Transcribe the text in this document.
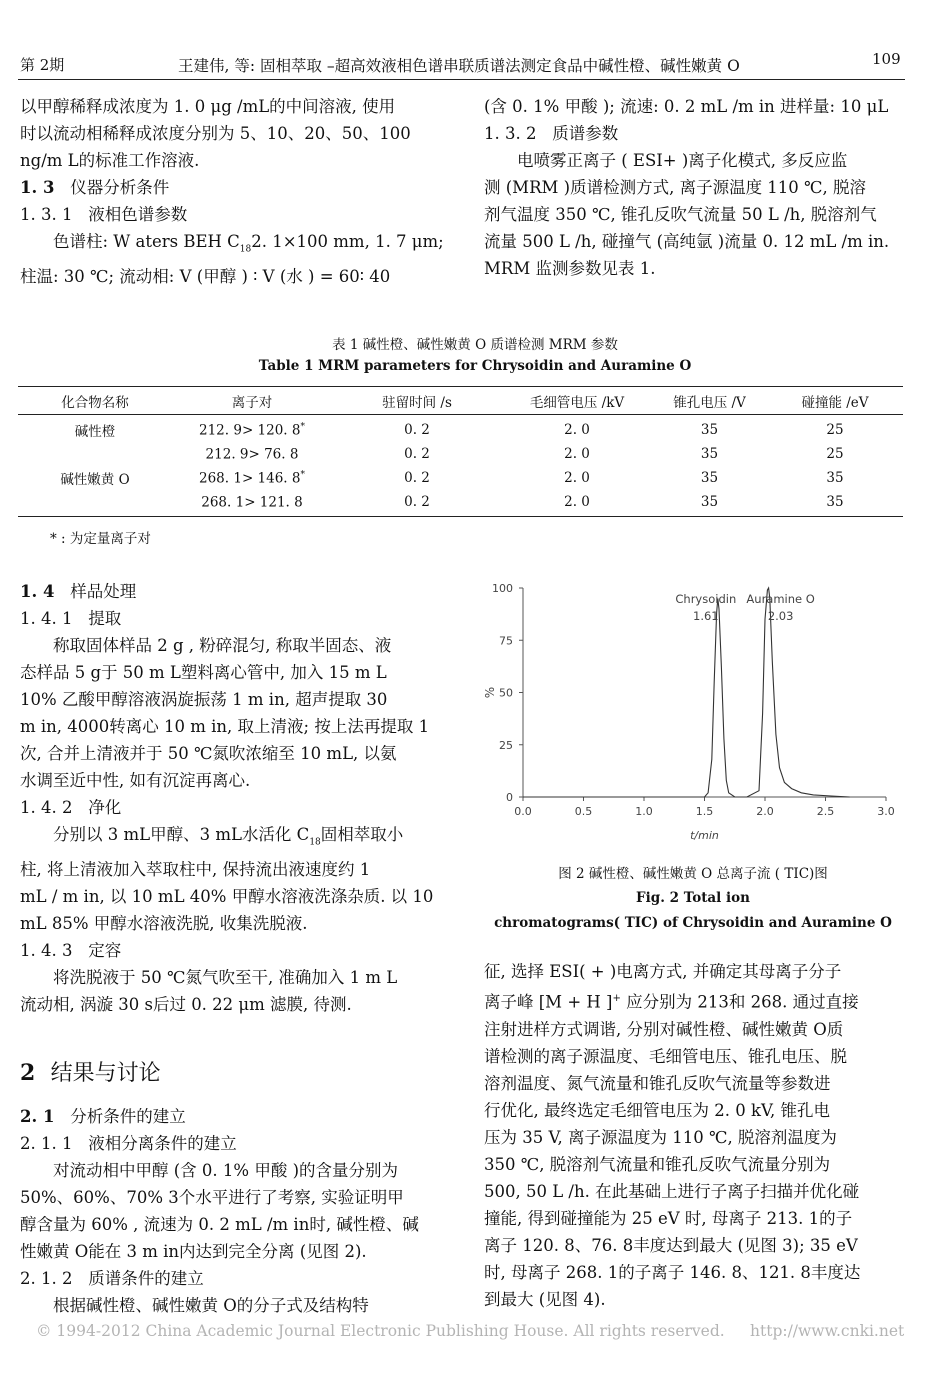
第 2期	王建伟, 等: 固相萃取 –超高效液相色谱串联质谱法测定食品中碱性橙、碱性嫩黄 O	109
以甲醇稀释成浓度为 1. 0 μg /mL的中间溶液, 使用
时以流动相稀释成浓度分别为 5、10、20、50、100
ng/m L的标准工作溶液.
1. 3 仪器分析条件
1. 3. 1 液相色谱参数
色谱柱: W aters BEH $C_{18}2$. 1×100 mm, 1. 7 μm;
柱温: 30 ℃; 流动相: V (甲醇 ) ∶ V (水 ) = 60∶ 40
(含 0. 1% 甲酸 ); 流速: 0. 2 mL /m in 进样量: 10 μL
1. 3. 2 质谱参数
电喷雾正离子 ( ESI+ )离子化模式, 多反应监
测 (MRM )质谱检测方式, 离子源温度 110 ℃, 脱溶
剂气温度 350 ℃, 锥孔反吹气流量 50 L /h, 脱溶剂气
流量 500 L /h, 碰撞气 (高纯氩 )流量 0. 12 mL /m in.
MRM 监测参数见表 1.
表 1 碱性橙、碱性嫩黄 O 质谱检测 MRM 参数
Table 1 MRM parameters for Chrysoidin and Auramine O
化合物名称	离子对	驻留时间 /s	毛细管电压 /kV	锥孔电压 /V	碰撞能 /eV

碱性橙	212. 9> 120. 8*	0. 2	2. 0	35	25
	212. 9> 76. 8	0. 2	2. 0	35	25
碱性嫩黄 O	268. 1> 146. 8*	0. 2	2. 0	35	35
	268. 1> 121. 8	0. 2	2. 0	35	35
* : 为定量离子对
1. 4 样品处理
1. 4. 1 提取
称取固体样品 2 g , 粉碎混匀, 称取半固态、液
态样品 5 g于 50 m L塑料离心管中, 加入 15 m L
10% 乙酸甲醇溶液涡旋振荡 1 m in, 超声提取 30
m in, 4000转离心 10 m in, 取上清液; 按上法再提取 1
次, 合并上清液并于 50 ℃氮吹浓缩至 10 mL, 以氨
水调至近中性, 如有沉淀再离心.
1. 4. 2 净化
分别以 3 mL甲醇、3 mL水活化 $C_{18}$固相萃取小
柱, 将上清液加入萃取柱中, 保持流出液速度约 1
mL / m in, 以 10 mL 40% 甲醇水溶液洗涤杂质. 以 10
mL 85% 甲醇水溶液洗脱, 收集洗脱液.
1. 4. 3 定容
将洗脱液于 50 ℃氮气吹至干, 准确加入 1 m L
流动相, 涡漩 30 s后过 0. 22 μm 滤膜, 待测.
2 结果与讨论
2. 1 分析条件的建立
2. 1. 1 液相分离条件的建立
对流动相中甲醇 (含 0. 1% 甲酸 )的含量分别为
50%、60%、70% 3个水平进行了考察, 实验证明甲
醇含量为 60% , 流速为 0. 2 mL /m in时, 碱性橙、碱
性嫩黄 O能在 3 m in内达到完全分离 (见图 2).
2. 1. 2 质谱条件的建立
根据碱性橙、碱性嫩黄 O的分子式及结构特
0
25
50
75
100
0.0	0.5	1.0	1.5	2.0	2.5	3.0
%
t/min
Chrysoidin
1.61
Auramine O
2.03
图 2 碱性橙、碱性嫩黄 O 总离子流 ( TIC)图
Fig. 2 Total ion
chromatograms( TIC) of Chrysoidin and Auramine O
征, 选择 ESI( + )电离方式, 并确定其母离子分子
离子峰 [M + H ]+ 应分别为 213和 268. 通过直接
注射进样方式调谐, 分别对碱性橙、碱性嫩黄 O质
谱检测的离子源温度、毛细管电压、锥孔电压、脱
溶剂温度、氮气流量和锥孔反吹气流量等参数进
行优化, 最终选定毛细管电压为 2. 0 kV, 锥孔电
压为 35 V, 离子源温度为 110 ℃, 脱溶剂温度为
350 ℃, 脱溶剂气流量和锥孔反吹气流量分别为
500, 50 L /h. 在此基础上进行子离子扫描并优化碰
撞能, 得到碰撞能为 25 eV 时, 母离子 213. 1的子
离子 120. 8、76. 8丰度达到最大 (见图 3); 35 eV
时, 母离子 268. 1的子离子 146. 8、121. 8丰度达
到最大 (见图 4).
© 1994-2012 China Academic Journal Electronic Publishing House. All rights reserved. http://www.cnki.net
